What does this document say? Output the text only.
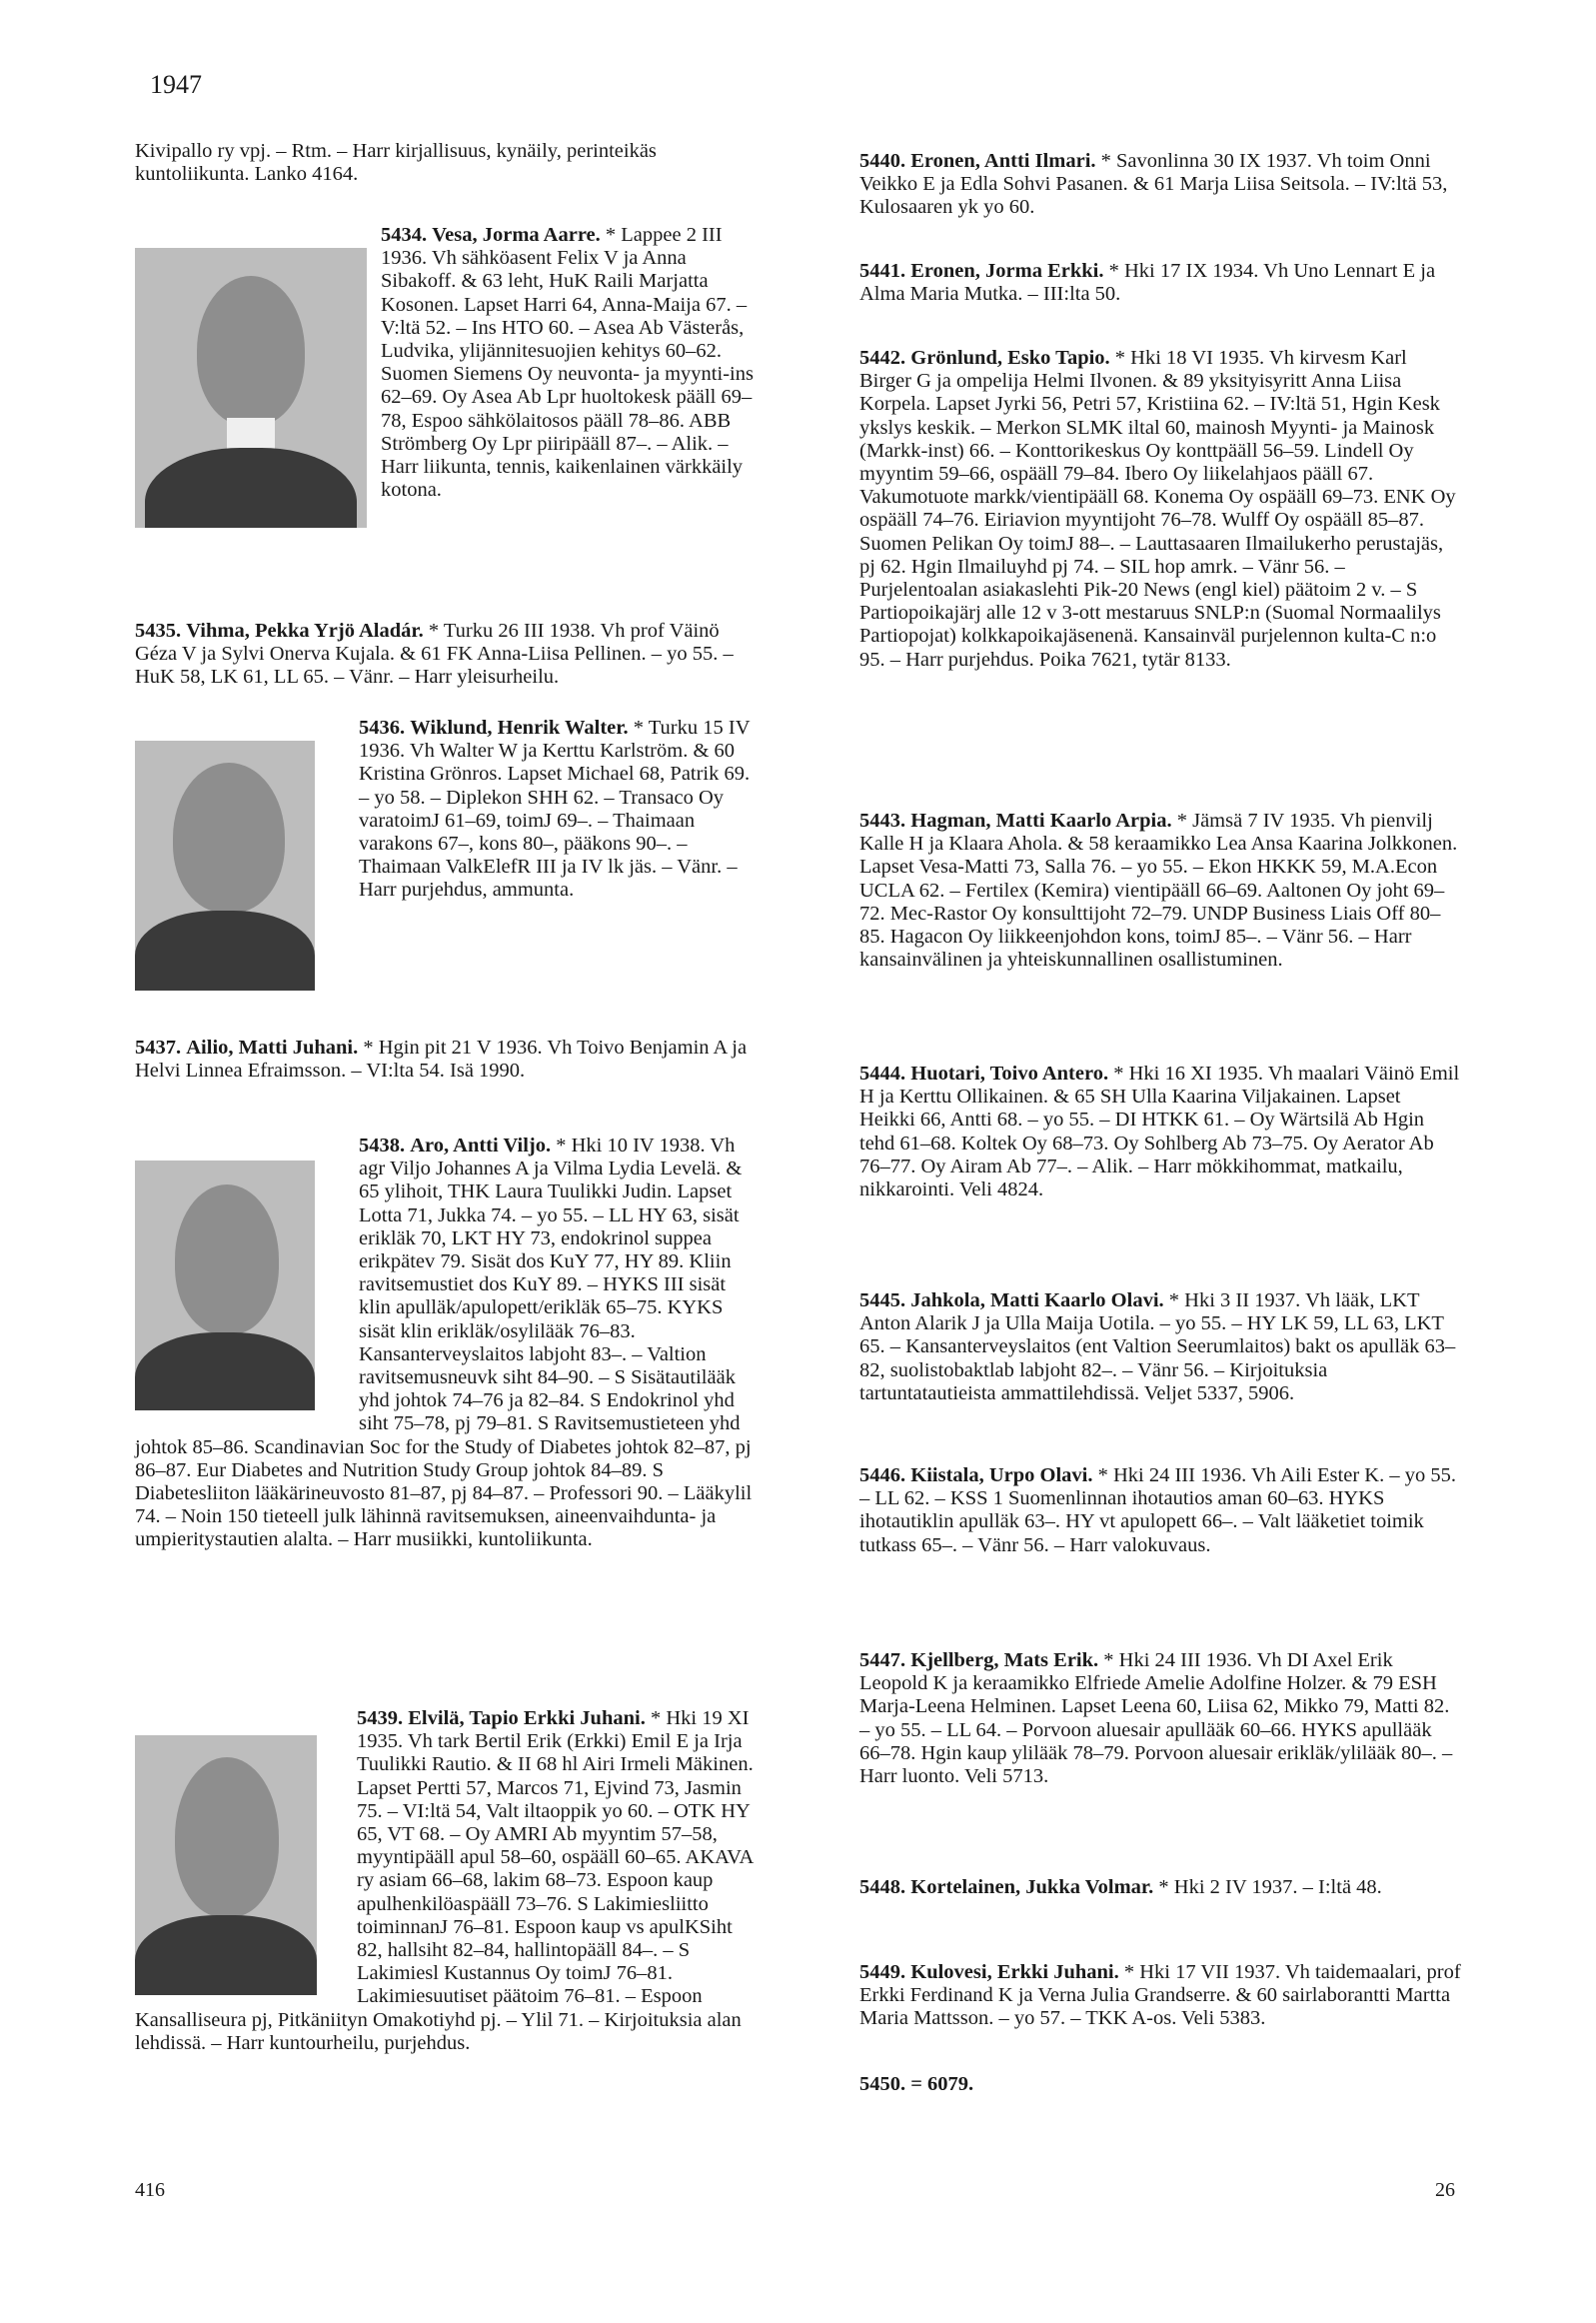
1947

Kivipallo ry vpj. – Rtm. – Harr kirjallisuus, kynäily, perinteikäs kuntoliikunta. Lanko 4164.

5434. Vesa, Jorma Aarre. * Lappee 2 III 1936. Vh sähköasent Felix V ja Anna Sibakoff. & 63 leht, HuK Raili Marjatta Kosonen. Lapset Harri 64, Anna-Maija 67. – V:ltä 52. – Ins HTO 60. – Asea Ab Västerås, Ludvika, ylijännitesuojien kehitys 60–62. Suomen Siemens Oy neuvonta- ja myynti-ins 62–69. Oy Asea Ab Lpr huoltokesk pääll 69–78, Espoo sähkölaitosos pääll 78–86. ABB Strömberg Oy Lpr piiripääll 87–. – Alik. – Harr liikunta, tennis, kaikenlainen värkkäily kotona.

5435. Vihma, Pekka Yrjö Aladár. * Turku 26 III 1938. Vh prof Väinö Géza V ja Sylvi Onerva Kujala. & 61 FK Anna-Liisa Pellinen. – yo 55. – HuK 58, LK 61, LL 65. – Vänr. – Harr yleisurheilu.

5436. Wiklund, Henrik Walter. * Turku 15 IV 1936. Vh Walter W ja Kerttu Karlström. & 60 Kristina Grönros. Lapset Michael 68, Patrik 69. – yo 58. – Diplekon SHH 62. – Transaco Oy varatoimJ 61–69, toimJ 69–. – Thaimaan varakons 67–, kons 80–, pääkons 90–. – Thaimaan ValkElefR III ja IV lk jäs. – Vänr. – Harr purjehdus, ammunta.

5437. Ailio, Matti Juhani. * Hgin pit 21 V 1936. Vh Toivo Benjamin A ja Helvi Linnea Efraimsson. – VI:lta 54. Isä 1990.

5438. Aro, Antti Viljo. * Hki 10 IV 1938. Vh agr Viljo Johannes A ja Vilma Lydia Levelä. & 65 ylihoit, THK Laura Tuulikki Judin. Lapset Lotta 71, Jukka 74. – yo 55. – LL HY 63, sisät erikläk 70, LKT HY 73, endokrinol suppea erikpätev 79. Sisät dos KuY 77, HY 89. Kliin ravitsemustiet dos KuY 89. – HYKS III sisät klin apulläk/apulopett/erikläk 65–75. KYKS sisät klin erikläk/osylilääk 76–83. Kansanterveyslaitos labjoht 83–. – Valtion ravitsemusneuvk siht 84–90. – S Sisätautilääk yhd johtok 74–76 ja 82–84. S Endokrinol yhd siht 75–78, pj 79–81. S Ravitsemustieteen yhd johtok 85–86. Scandinavian Soc for the Study of Diabetes johtok 82–87, pj 86–87. Eur Diabetes and Nutrition Study Group johtok 84–89. S Diabetesliiton lääkärineuvosto 81–87, pj 84–87. – Professori 90. – Lääkylil 74. – Noin 150 tieteell julk lähinnä ravitsemuksen, aineenvaihdunta- ja umpieritystautien alalta. – Harr musiikki, kuntoliikunta.

5439. Elvilä, Tapio Erkki Juhani. * Hki 19 XI 1935. Vh tark Bertil Erik (Erkki) Emil E ja Irja Tuulikki Rautio. & II 68 hl Airi Irmeli Mäkinen. Lapset Pertti 57, Marcos 71, Ejvind 73, Jasmin 75. – VI:ltä 54, Valt iltaoppik yo 60. – OTK HY 65, VT 68. – Oy AMRI Ab myyntim 57–58, myyntipääll apul 58–60, ospääll 60–65. AKAVA ry asiam 66–68, lakim 68–73. Espoon kaup apulhenkilöaspääll 73–76. S Lakimiesliitto toiminnanJ 76–81. Espoon kaup vs apulKSiht 82, hallsiht 82–84, hallintopääll 84–. – S Lakimiesl Kustannus Oy toimJ 76–81. Lakimiesuutiset päätoim 76–81. – Espoon Kansalliseura pj, Pitkäniityn Omakotiyhd pj. – Ylil 71. – Kirjoituksia alan lehdissä. – Harr kuntourheilu, purjehdus.

5440. Eronen, Antti Ilmari. * Savonlinna 30 IX 1937. Vh toim Onni Veikko E ja Edla Sohvi Pasanen. & 61 Marja Liisa Seitsola. – IV:ltä 53, Kulosaaren yk yo 60.

5441. Eronen, Jorma Erkki. * Hki 17 IX 1934. Vh Uno Lennart E ja Alma Maria Mutka. – III:lta 50.

5442. Grönlund, Esko Tapio. * Hki 18 VI 1935. Vh kirvesm Karl Birger G ja ompelija Helmi Ilvonen. & 89 yksityisyritt Anna Liisa Korpela. Lapset Jyrki 56, Petri 57, Kristiina 62. – IV:ltä 51, Hgin Kesk ykslys keskik. – Merkon SLMK iltal 60, mainosh Myynti- ja Mainosk (Markk-inst) 66. – Konttorikeskus Oy konttpääll 56–59. Lindell Oy myyntim 59–66, ospääll 79–84. Ibero Oy liikelahjaos pääll 67. Vakumotuote markk/vientipääll 68. Konema Oy ospääll 69–73. ENK Oy ospääll 74–76. Eiriavion myyntijoht 76–78. Wulff Oy ospääll 85–87. Suomen Pelikan Oy toimJ 88–. – Lauttasaaren Ilmailukerho perustajäs, pj 62. Hgin Ilmailuyhd pj 74. – SIL hop amrk. – Vänr 56. – Purjelentoalan asiakaslehti Pik-20 News (engl kiel) päätoim 2 v. – S Partiopoikajärj alle 12 v 3-ott mestaruus SNLP:n (Suomal Normaalilys Partiopojat) kolkkapoikajäsenenä. Kansainväl purjelennon kulta-C n:o 95. – Harr purjehdus. Poika 7621, tytär 8133.

5443. Hagman, Matti Kaarlo Arpia. * Jämsä 7 IV 1935. Vh pienvilj Kalle H ja Klaara Ahola. & 58 keraamikko Lea Ansa Kaarina Jolkkonen. Lapset Vesa-Matti 73, Salla 76. – yo 55. – Ekon HKKK 59, M.A.Econ UCLA 62. – Fertilex (Kemira) vientipääll 66–69. Aaltonen Oy joht 69–72. Mec-Rastor Oy konsulttijoht 72–79. UNDP Business Liais Off 80–85. Hagacon Oy liikkeenjohdon kons, toimJ 85–. – Vänr 56. – Harr kansainvälinen ja yhteiskunnallinen osallistuminen.

5444. Huotari, Toivo Antero. * Hki 16 XI 1935. Vh maalari Väinö Emil H ja Kerttu Ollikainen. & 65 SH Ulla Kaarina Viljakainen. Lapset Heikki 66, Antti 68. – yo 55. – DI HTKK 61. – Oy Wärtsilä Ab Hgin tehd 61–68. Koltek Oy 68–73. Oy Sohlberg Ab 73–75. Oy Aerator Ab 76–77. Oy Airam Ab 77–. – Alik. – Harr mökkihommat, matkailu, nikkarointi. Veli 4824.

5445. Jahkola, Matti Kaarlo Olavi. * Hki 3 II 1937. Vh lääk, LKT Anton Alarik J ja Ulla Maija Uotila. – yo 55. – HY LK 59, LL 63, LKT 65. – Kansanterveyslaitos (ent Valtion Seerumlaitos) bakt os apulläk 63–82, suolistobaktlab labjoht 82–. – Vänr 56. – Kirjoituksia tartuntatautieista ammattilehdissä. Veljet 5337, 5906.

5446. Kiistala, Urpo Olavi. * Hki 24 III 1936. Vh Aili Ester K. – yo 55. – LL 62. – KSS 1 Suomenlinnan ihotautios aman 60–63. HYKS ihotautiklin apulläk 63–. HY vt apulopett 66–. – Valt lääketiet toimik tutkass 65–. – Vänr 56. – Harr valokuvaus.

5447. Kjellberg, Mats Erik. * Hki 24 III 1936. Vh DI Axel Erik Leopold K ja keraamikko Elfriede Amelie Adolfine Holzer. & 79 ESH Marja-Leena Helminen. Lapset Leena 60, Liisa 62, Mikko 79, Matti 82. – yo 55. – LL 64. – Porvoon aluesair apullääk 60–66. HYKS apullääk 66–78. Hgin kaup ylilääk 78–79. Porvoon aluesair erikläk/ylilääk 80–. – Harr luonto. Veli 5713.

5448. Kortelainen, Jukka Volmar. * Hki 2 IV 1937. – I:ltä 48.

5449. Kulovesi, Erkki Juhani. * Hki 17 VII 1937. Vh taidemaalari, prof Erkki Ferdinand K ja Verna Julia Grandserre. & 60 sairlaborantti Martta Maria Mattsson. – yo 57. – TKK A-os. Veli 5383.

5450. = 6079.

416	26
